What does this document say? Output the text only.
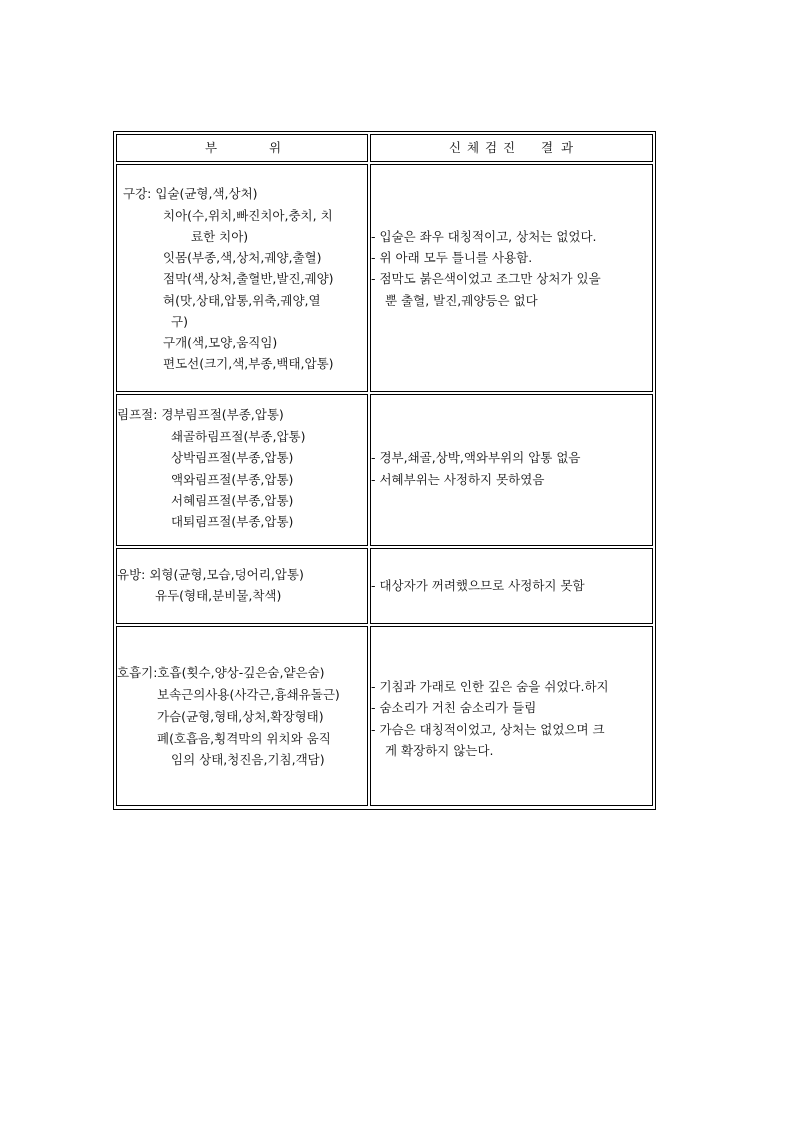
부	위	신 체 검 진 결 과
구강: 입술(균형,색,상처)
치아(수,위치,빠진치아,충치, 치
료한 치아)
잇몸(부종,색,상처,궤양,출혈)
점막(색,상처,출혈반,발진,궤양)
혀(맛,상태,압통,위축,궤양,열
구)
구개(색,모양,움직임)
편도선(크기,색,부종,백태,압통)
- 입술은 좌우 대칭적이고, 상처는 없었다.
- 위 아래 모두 틀니를 사용함.
- 점막도 붉은색이었고 조그만 상처가 있을
뿐 출혈, 발진,궤양등은 없다
림프절: 경부림프절(부종,압통)
쇄골하림프절(부종,압통)
상박림프절(부종,압통)
액와림프절(부종,압통)
서혜림프절(부종,압통)
대퇴림프절(부종,압통)
- 경부,쇄골,상박,액와부위의 압통 없음
- 서혜부위는 사정하지 못하였음
유방: 외형(균형,모습,덩어리,압통)
유두(형태,분비물,착색)
- 대상자가 꺼려했으므로 사정하지 못함
호흡기:호흡(횟수,양상-깊은숨,얕은숨)
보속근의사용(사각근,흉쇄유돌근)
가슴(균형,형태,상처,확장형태)
폐(호흡음,횡격막의 위치와 움직
임의 상태,청진음,기침,객담)
- 기침과 가래로 인한 깊은 숨을 쉬었다.하지
- 숨소리가 거친 숨소리가 들림
- 가슴은 대칭적이었고, 상처는 없었으며 크
게 확장하지 않는다.
